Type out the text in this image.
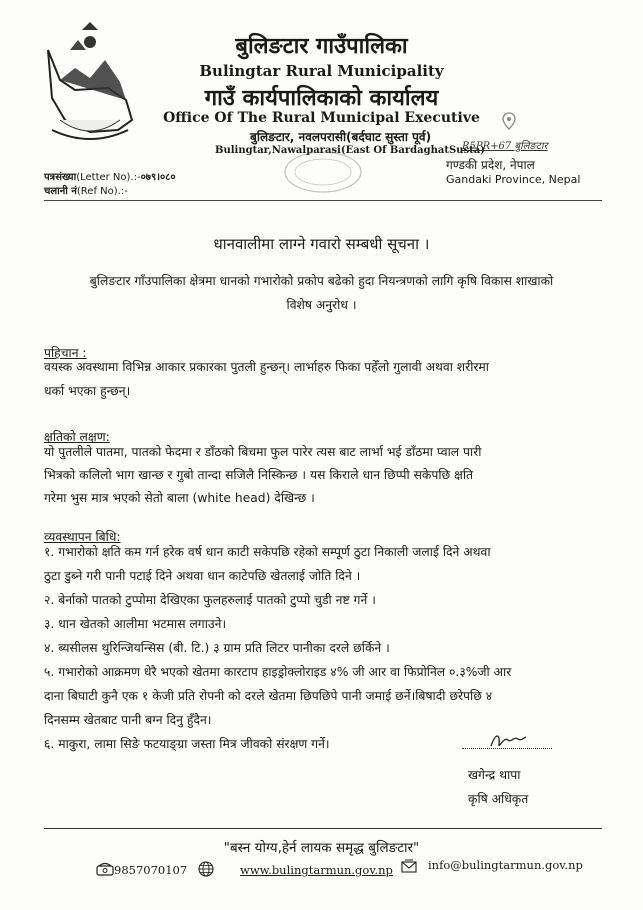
बुलिङटार गाउँपालिका
Bulingtar Rural Municipality
गाउँ कार्यपालिकाको कार्यालय
Office Of The Rural Municipal Executive
बुलिङटार, नवलपरासी(बर्दघाट सुस्ता पूर्व)
Bulingtar,Nawalparasi(East Of BardaghatSusta)
R5PR+67 बुलिङटार
गण्डकी प्रदेश, नेपाल
Gandaki Province, Nepal
पत्रसंख्या(Letter No).:-०७९।०८०
चलानी नं(Ref No).:-
धानवालीमा लाग्ने गवारो सम्बधी सूचना ।
बुलिङटार गाँउपालिका क्षेत्रमा धानको गभारोको प्रकोप बढेको हुदा नियन्त्रणको लागि कृषि विकास शाखाको
विशेष अनुरोध ।
पहिचान :
वयस्क अवस्थामा विभिन्न आकार प्रकारका पुतली हुन्छन्। लार्भाहरु फिका पहेँलो गुलावी अथवा शरीरमा
धर्का भएका हुन्छन्।
क्षतिको लक्षण:
यो पुतलीले पातमा, पातको फेदमा र डाँठको बिचमा फुल पारेर त्यस बाट लार्भा भई डाँठमा प्वाल पारी
भित्रको कलिलो भाग खान्छ र गुबो तान्दा सजिलै निस्किन्छ । यस किराले धान छिप्पी सकेपछि क्षति
गरेमा भुस मात्र भएको सेतो बाला (white head) देखिन्छ ।
व्यवस्थापन बिधि:
१. गभारोको क्षति कम गर्न हरेक वर्ष धान काटी सकेपछि रहेको सम्पूर्ण ठुटा निकाली जलाई दिने अथवा
ठुटा डुब्ने गरी पानी पटाई दिने अथवा धान काटेपछि खेतलाई जोति दिने ।
२. बेर्नाको पातको टुप्पोमा देखिएका फुलहरुलाई पातको टुप्पो चुडी नष्ट गर्ने ।
३. धान खेतको आलीमा भटमास लगाउने।
४. ब्यसीलस थुरिन्जियन्सिस (बी. टि.) ३ ग्राम प्रति लिटर पानीका दरले छर्किने ।
५. गभारोको आक्रमण धेरै भएको खेतमा कारटाप हाइड्रोक्लोराइड ४% जी आर वा फिप्रोनिल ०.३%जी आर
दाना बिघाटी कुनै एक १ केजी प्रति रोपनी को दरले खेतमा छिपछिपे पानी जमाई छर्ने।बिषादी छरेपछि ४
दिनसम्म खेतबाट पानी बग्न दिनु हुँदैन।
६. माकुरा, लामा सिङे फटयाङ्ग्रा जस्ता मित्र जीवको संरक्षण गर्ने।
खगेन्द्र थापा
कृषि अधिकृत
"बस्न योग्य,हेर्न लायक समृद्ध बुलिङटार"
9857070107	www.bulingtarmun.gov.np	info@bulingtarmun.gov.np
